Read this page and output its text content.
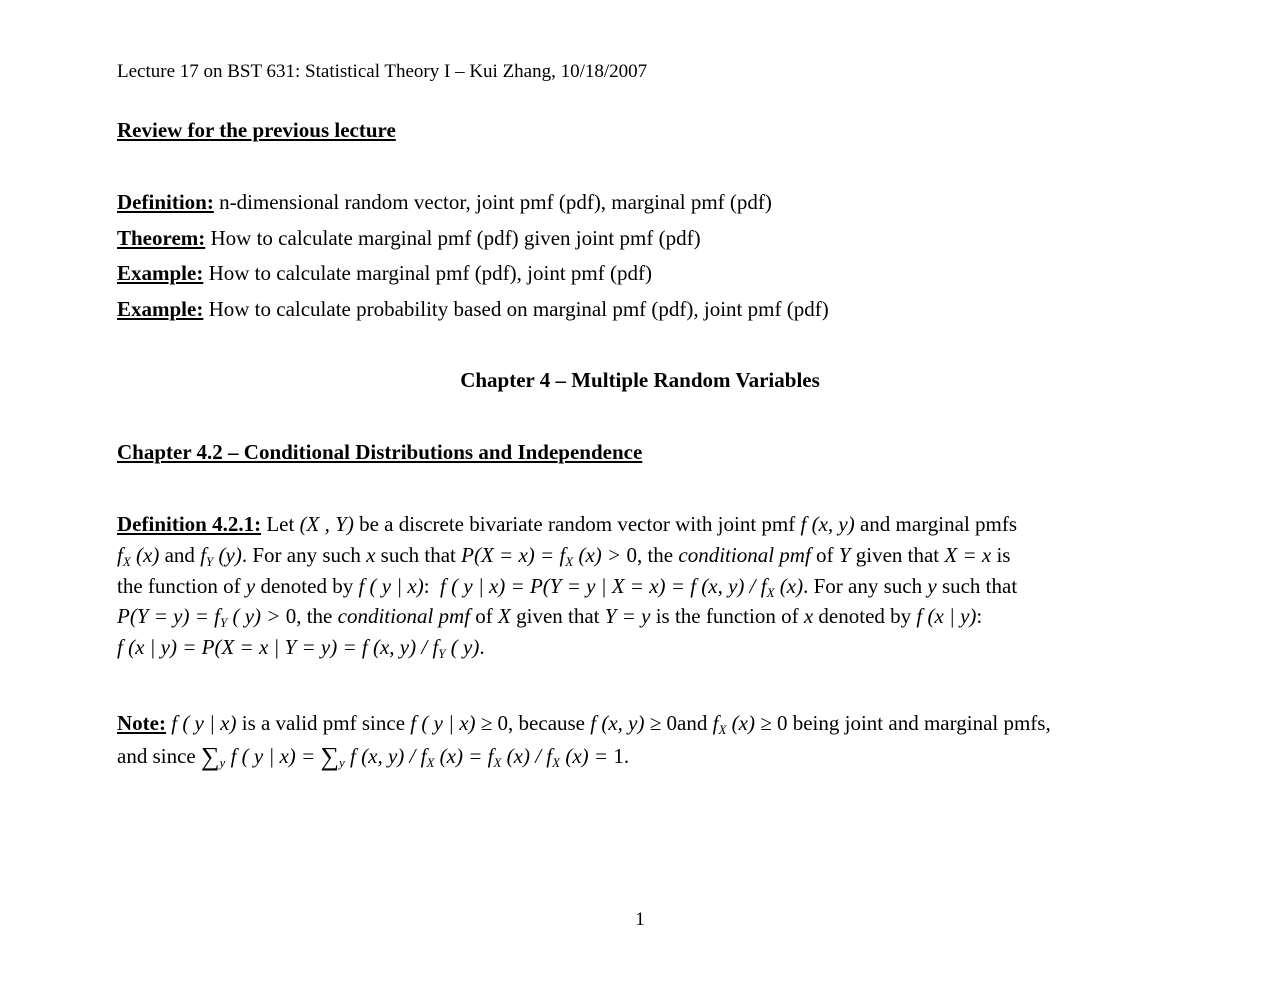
Lecture 17 on BST 631: Statistical Theory I – Kui Zhang, 10/18/2007
Review for the previous lecture
Definition: n-dimensional random vector, joint pmf (pdf), marginal pmf (pdf)
Theorem: How to calculate marginal pmf (pdf) given joint pmf (pdf)
Example: How to calculate marginal pmf (pdf), joint pmf (pdf)
Example: How to calculate probability based on marginal pmf (pdf), joint pmf (pdf)
Chapter 4 – Multiple Random Variables
Chapter 4.2 – Conditional Distributions and Independence
Definition 4.2.1: Let (X , Y) be a discrete bivariate random vector with joint pmf f (x, y) and marginal pmfs
$f_X$ (x) and $f_Y$ (y). For any such x such that $P(X = x) = f_X$ (x) > 0, the conditional pmf of Y given that X = x is
the function of y denoted by f ( y | x):  f ( y | x) = P(Y = y | X = x) = f (x, $y) / f_X$ (x). For any such y such that
$P(Y = y) = f_Y$ ( y) > 0, the conditional pmf of X given that Y = y is the function of x denoted by f (x | y):
f (x | y) = P(X = x | Y = y) = f (x, $y) / f_Y$ ( y).
Note: f ( y | x) is a valid pmf since f ( y | x) ≥ 0, because f (x, y) ≥ 0and $f_X$ (x) ≥ 0 being joint and marginal pmfs,
and since $\sum_y$ f ( y | $x) = \sum_y$ f (x, $y) / f_X$ $(x) = f_X$ $(x) / f_X$ (x) = 1.
1
